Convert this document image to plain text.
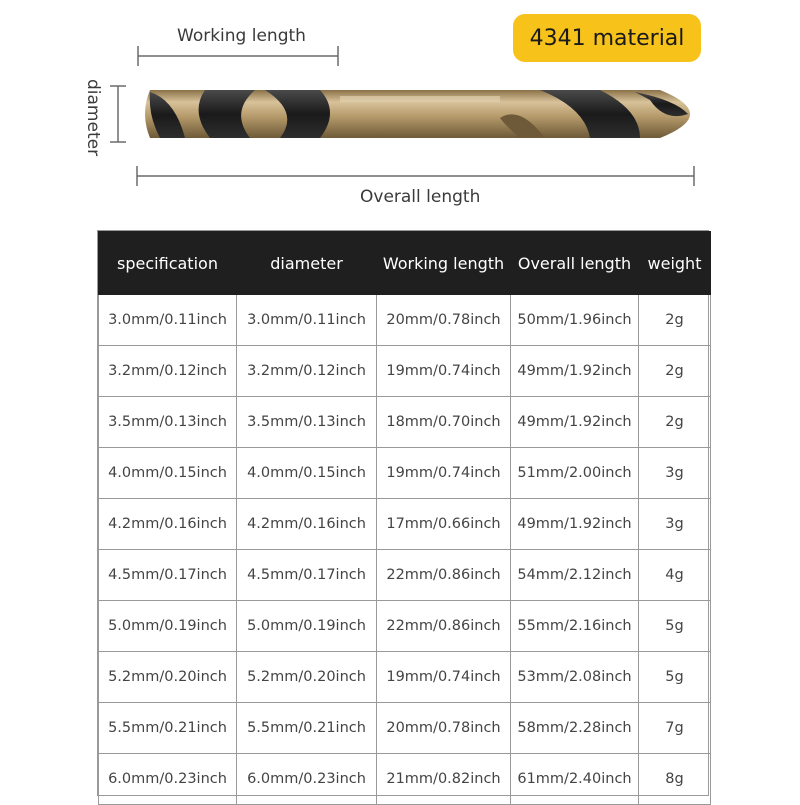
Working length
Overall length
diameter
4341 material
specification	diameter	Working length	Overall length	weight
3.0mm/0.11inch	3.0mm/0.11inch	20mm/0.78inch	50mm/1.96inch	2g
3.2mm/0.12inch	3.2mm/0.12inch	19mm/0.74inch	49mm/1.92inch	2g
3.5mm/0.13inch	3.5mm/0.13inch	18mm/0.70inch	49mm/1.92inch	2g
4.0mm/0.15inch	4.0mm/0.15inch	19mm/0.74inch	51mm/2.00inch	3g
4.2mm/0.16inch	4.2mm/0.16inch	17mm/0.66inch	49mm/1.92inch	3g
4.5mm/0.17inch	4.5mm/0.17inch	22mm/0.86inch	54mm/2.12inch	4g
5.0mm/0.19inch	5.0mm/0.19inch	22mm/0.86inch	55mm/2.16inch	5g
5.2mm/0.20inch	5.2mm/0.20inch	19mm/0.74inch	53mm/2.08inch	5g
5.5mm/0.21inch	5.5mm/0.21inch	20mm/0.78inch	58mm/2.28inch	7g
6.0mm/0.23inch	6.0mm/0.23inch	21mm/0.82inch	61mm/2.40inch	8g
